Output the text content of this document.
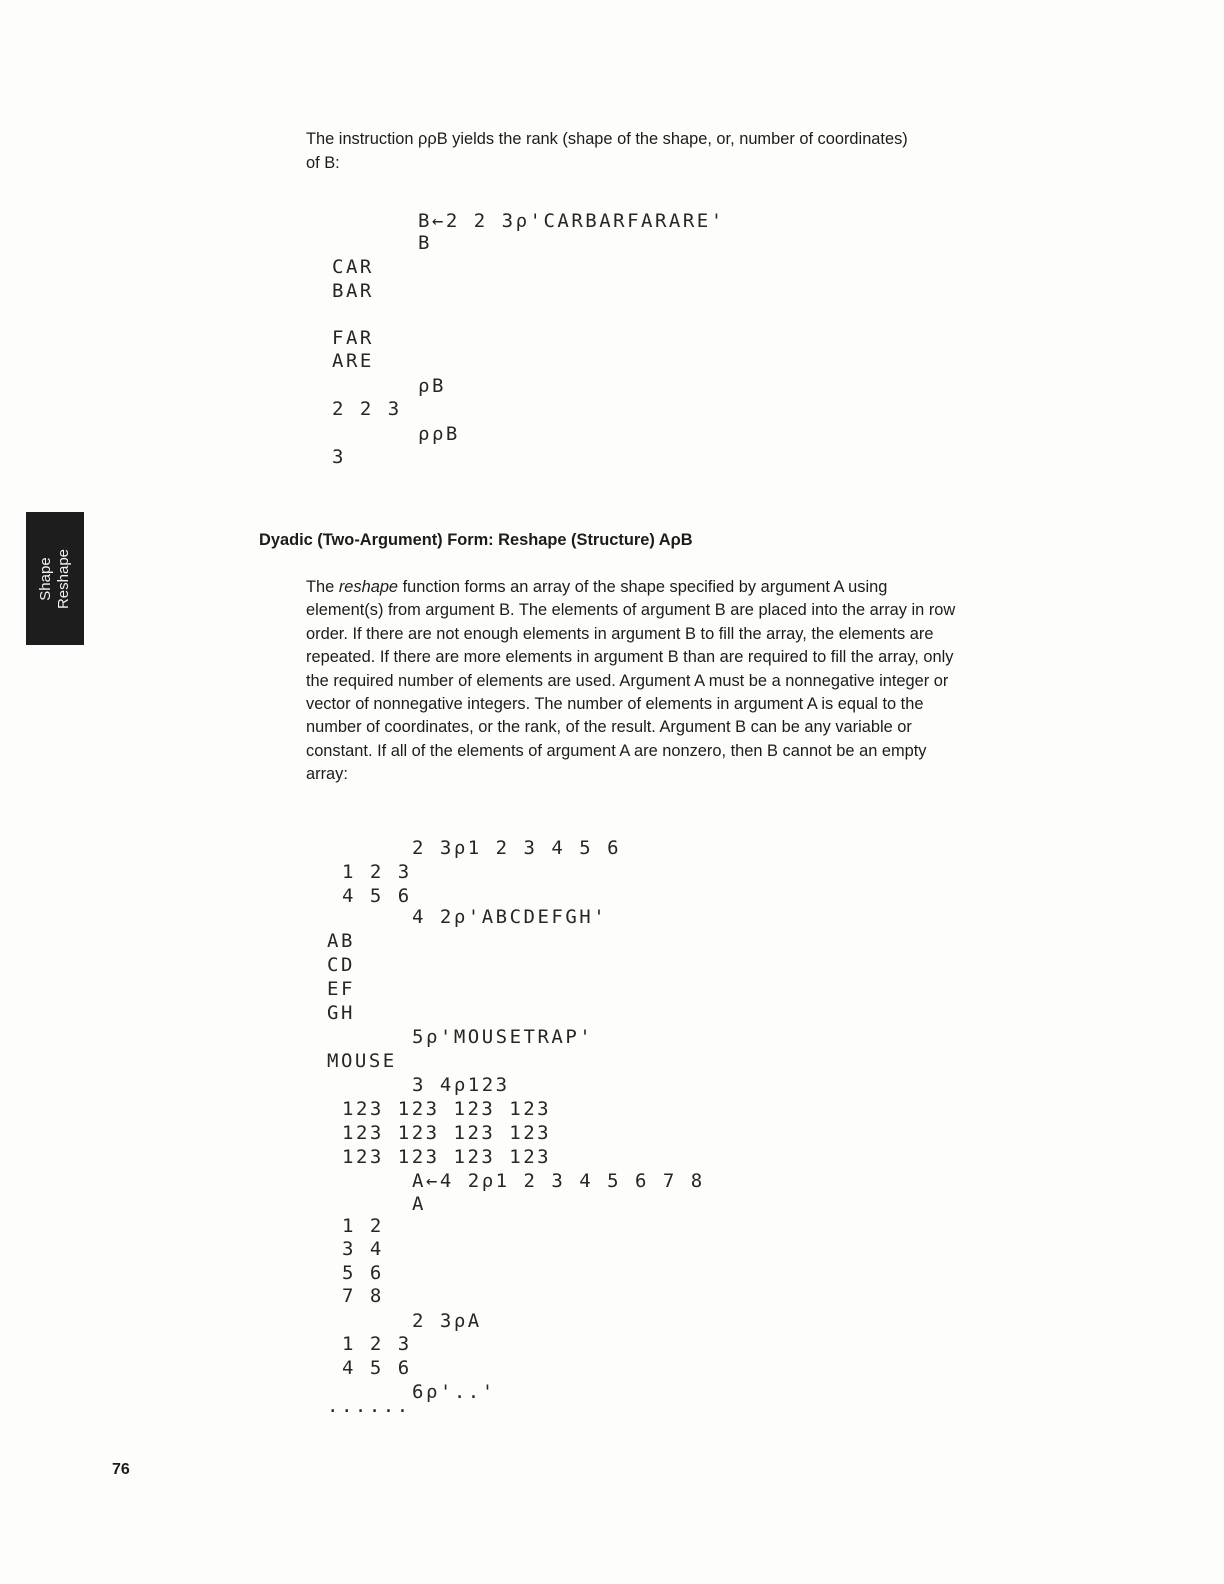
The instruction ρρB yields the rank (shape of the shape, or, number of coordinates)

of B:

B←2 2 3ρ'CARBARFARARE'

B

CAR

BAR

FAR

ARE

ρB

2 2 3

ρρB

3

Shape Reshape

Dyadic (Two-Argument) Form: Reshape (Structure) AρB

The reshape function forms an array of the shape specified by argument A using element(s) from argument B. The elements of argument B are placed into the array in row order. If there are not enough elements in argument B to fill the array, the elements are repeated. If there are more elements in argument B than are required to fill the array, only the required number of elements are used. Argument A must be a nonnegative integer or vector of nonnegative integers. The number of elements in argument A is equal to the number of coordinates, or the rank, of the result. Argument B can be any variable or constant. If all of the elements of argument A are nonzero, then B cannot be an empty array:

2 3ρ1 2 3 4 5 6

1 2 3

4 5 6

4 2ρ'ABCDEFGH'

AB

CD

EF

GH

5ρ'MOUSETRAP'

MOUSE

3 4ρ123

123 123 123 123

123 123 123 123

123 123 123 123

A←4 2ρ1 2 3 4 5 6 7 8

A

1 2

3 4

5 6

7 8

2 3ρA

1 2 3

4 5 6

6ρ'..'

......

76
